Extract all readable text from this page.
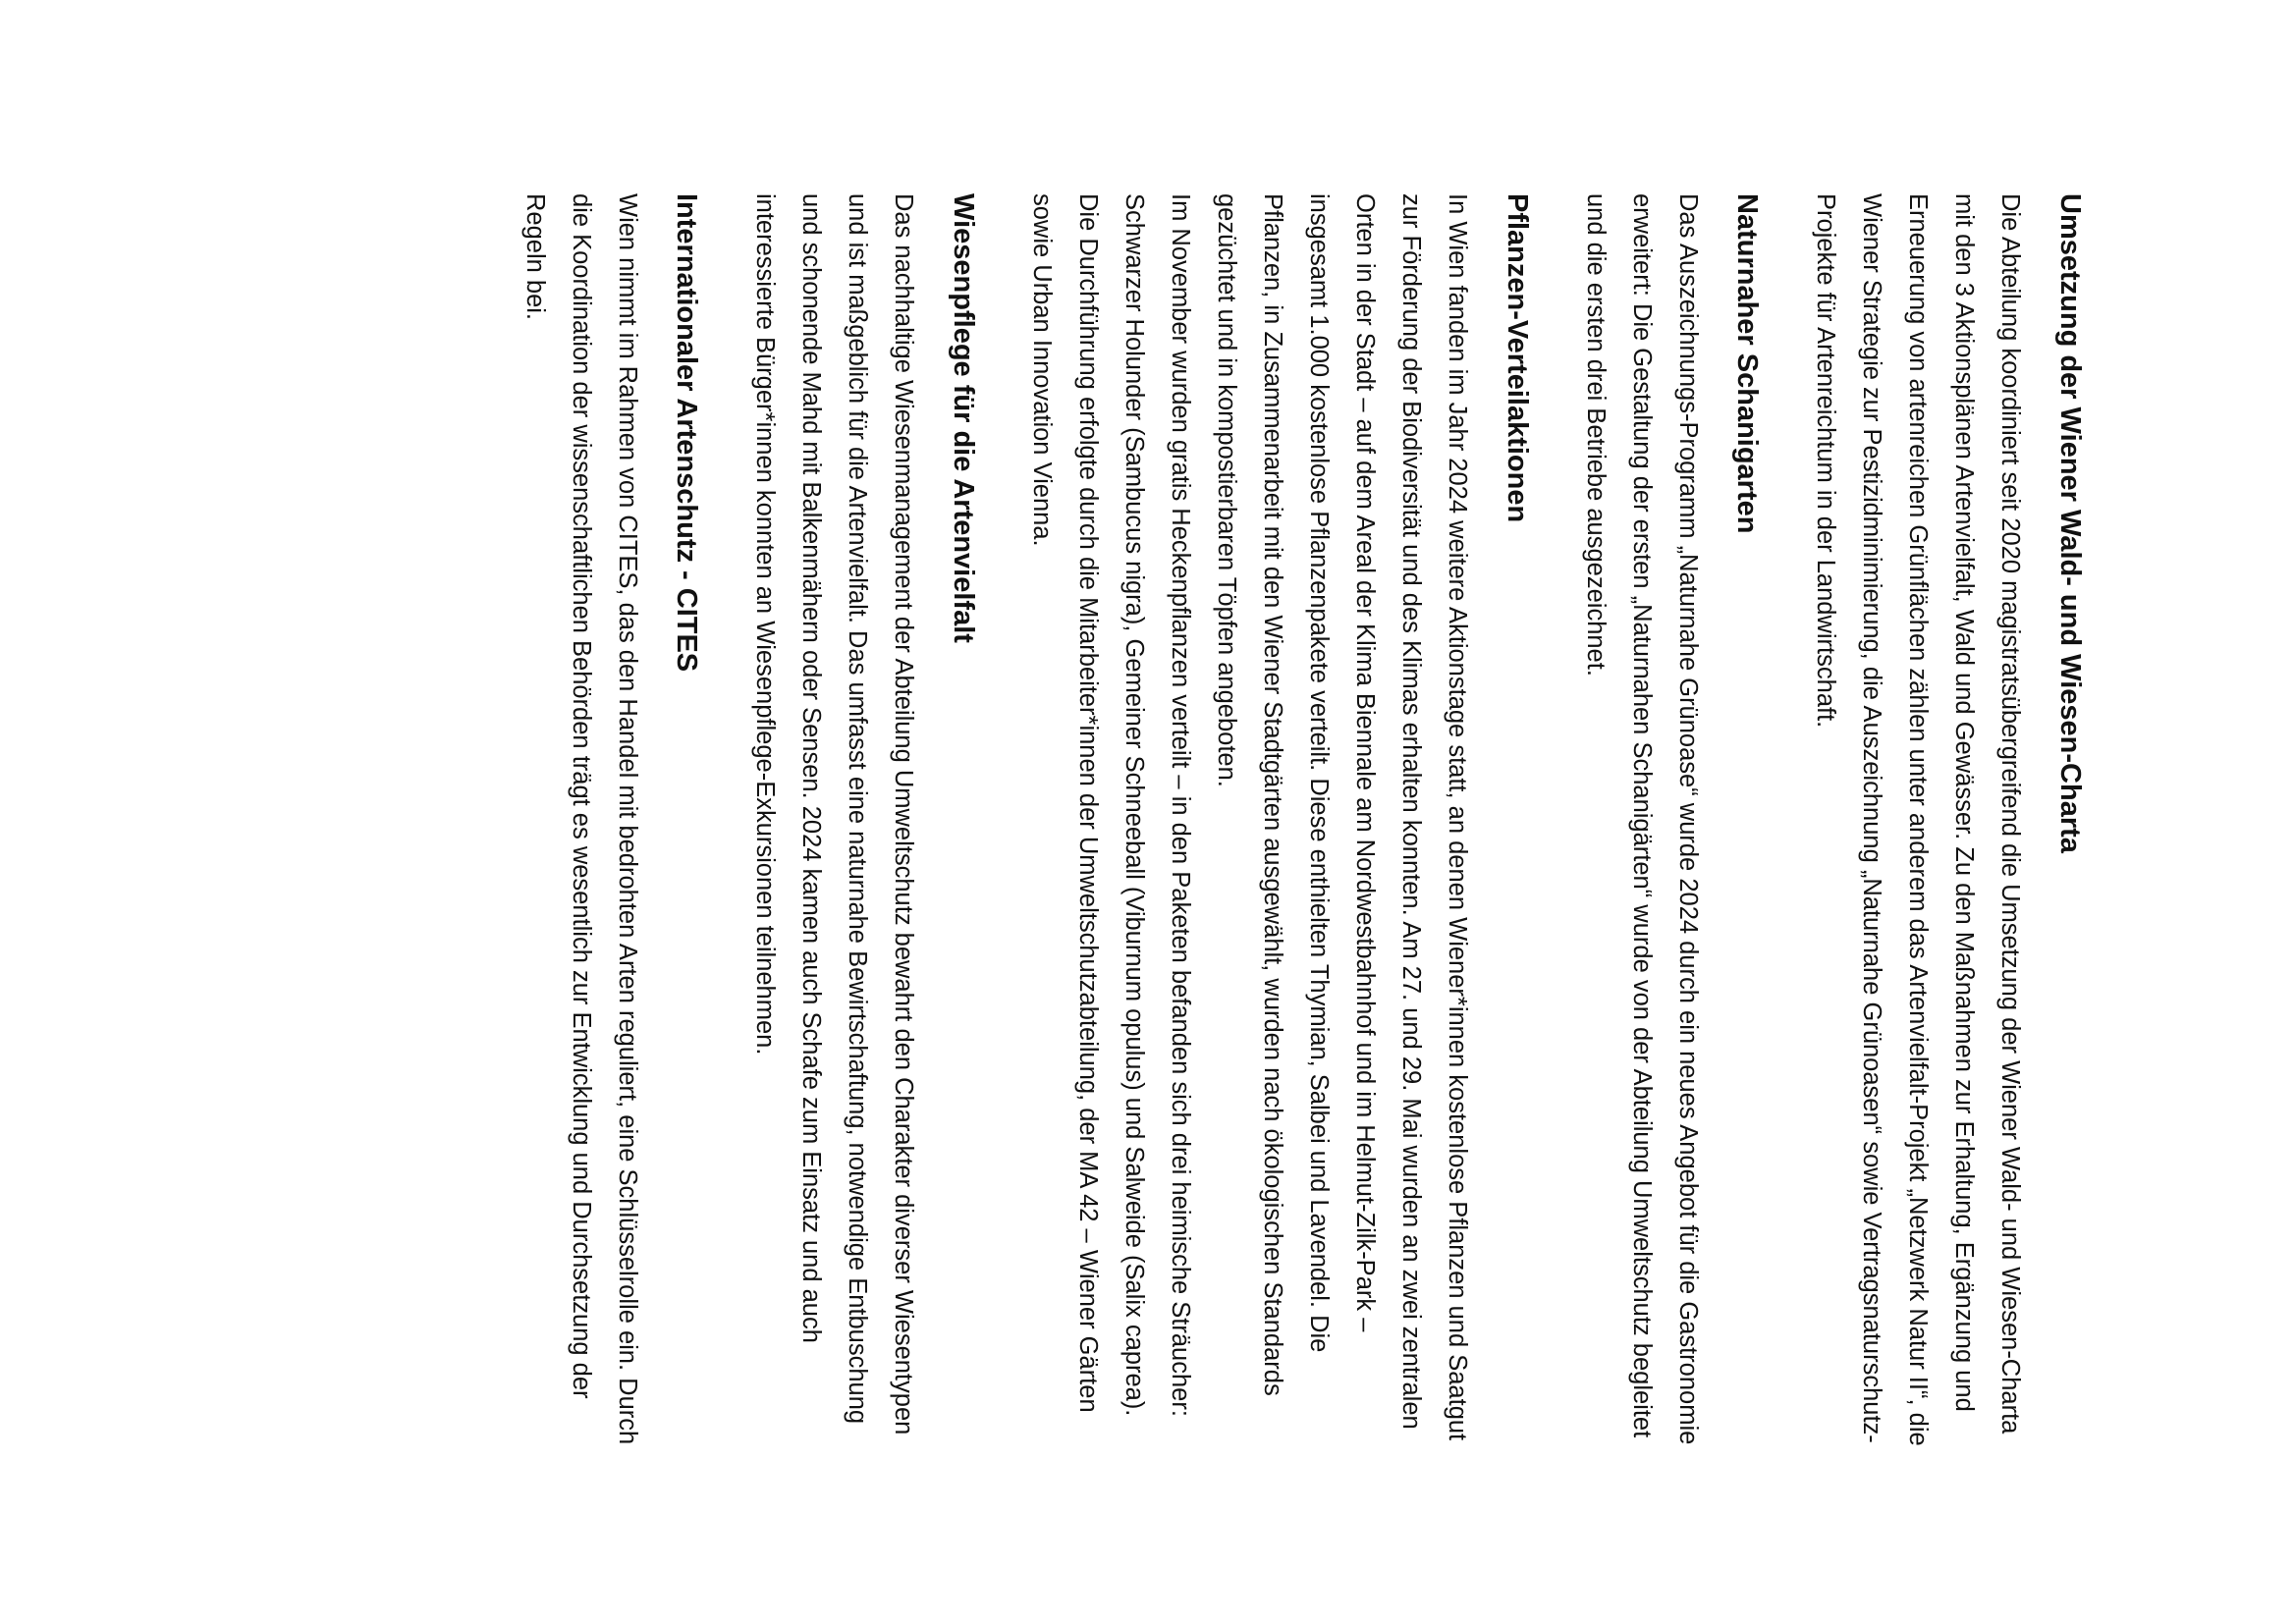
Umsetzung der Wiener Wald- und Wiesen-Charta

Die Abteilung koordiniert seit 2020 magistratsübergreifend die Umsetzung der Wiener Wald- und Wiesen-Charta mit den 3 Aktionsplänen Artenvielfalt, Wald und Gewässer. Zu den Maßnahmen zur Erhaltung, Ergänzung und Erneuerung von artenreichen Grünflächen zählen unter anderem das Artenvielfalt-Projekt „Netzwerk Natur II“, die Wiener Strategie zur Pestizidminimierung, die Auszeichnung „Naturnahe Grünoasen“ sowie Vertragsnaturschutz-Projekte für Artenreichtum in der Landwirtschaft.

Naturnaher Schanigarten

Das Auszeichnungs-Programm „Naturnahe Grünoase“ wurde 2024 durch ein neues Angebot für die Gastronomie erweitert: Die Gestaltung der ersten „Naturnahen Schanigärten“ wurde von der Abteilung Umweltschutz begleitet und die ersten drei Betriebe ausgezeichnet.

Pflanzen-Verteilaktionen

In Wien fanden im Jahr 2024 weitere Aktionstage statt, an denen Wiener*innen kostenlose Pflanzen und Saatgut zur Förderung der Biodiversität und des Klimas erhalten konnten. Am 27. und 29. Mai wurden an zwei zentralen Orten in der Stadt – auf dem Areal der Klima Biennale am Nordwestbahnhof und im Helmut-Zilk-Park – insgesamt 1.000 kostenlose Pflanzenpakete verteilt. Diese enthielten Thymian, Salbei und Lavendel. Die Pflanzen, in Zusammenarbeit mit den Wiener Stadtgärten ausgewählt, wurden nach ökologischen Standards gezüchtet und in kompostierbaren Töpfen angeboten.

Im November wurden gratis Heckenpflanzen verteilt – in den Paketen befanden sich drei heimische Sträucher: Schwarzer Holunder (Sambucus nigra), Gemeiner Schneeball (Viburnum opulus) und Salweide (Salix caprea).

Die Durchführung erfolgte durch die Mitarbeiter*innen der Umweltschutzabteilung, der MA 42 – Wiener Gärten sowie Urban Innovation Vienna.

Wiesenpflege für die Artenvielfalt

Das nachhaltige Wiesenmanagement der Abteilung Umweltschutz bewahrt den Charakter diverser Wiesentypen und ist maßgeblich für die Artenvielfalt. Das umfasst eine naturnahe Bewirtschaftung, notwendige Entbuschung und schonende Mahd mit Balkenmähern oder Sensen. 2024 kamen auch Schafe zum Einsatz und auch interessierte Bürger*innen konnten an Wiesenpflege-Exkursionen teilnehmen.

Internationaler Artenschutz - CITES

Wien nimmt im Rahmen von CITES, das den Handel mit bedrohten Arten reguliert, eine Schlüsselrolle ein. Durch die Koordination der wissenschaftlichen Behörden trägt es wesentlich zur Entwicklung und Durchsetzung der Regeln bei.
